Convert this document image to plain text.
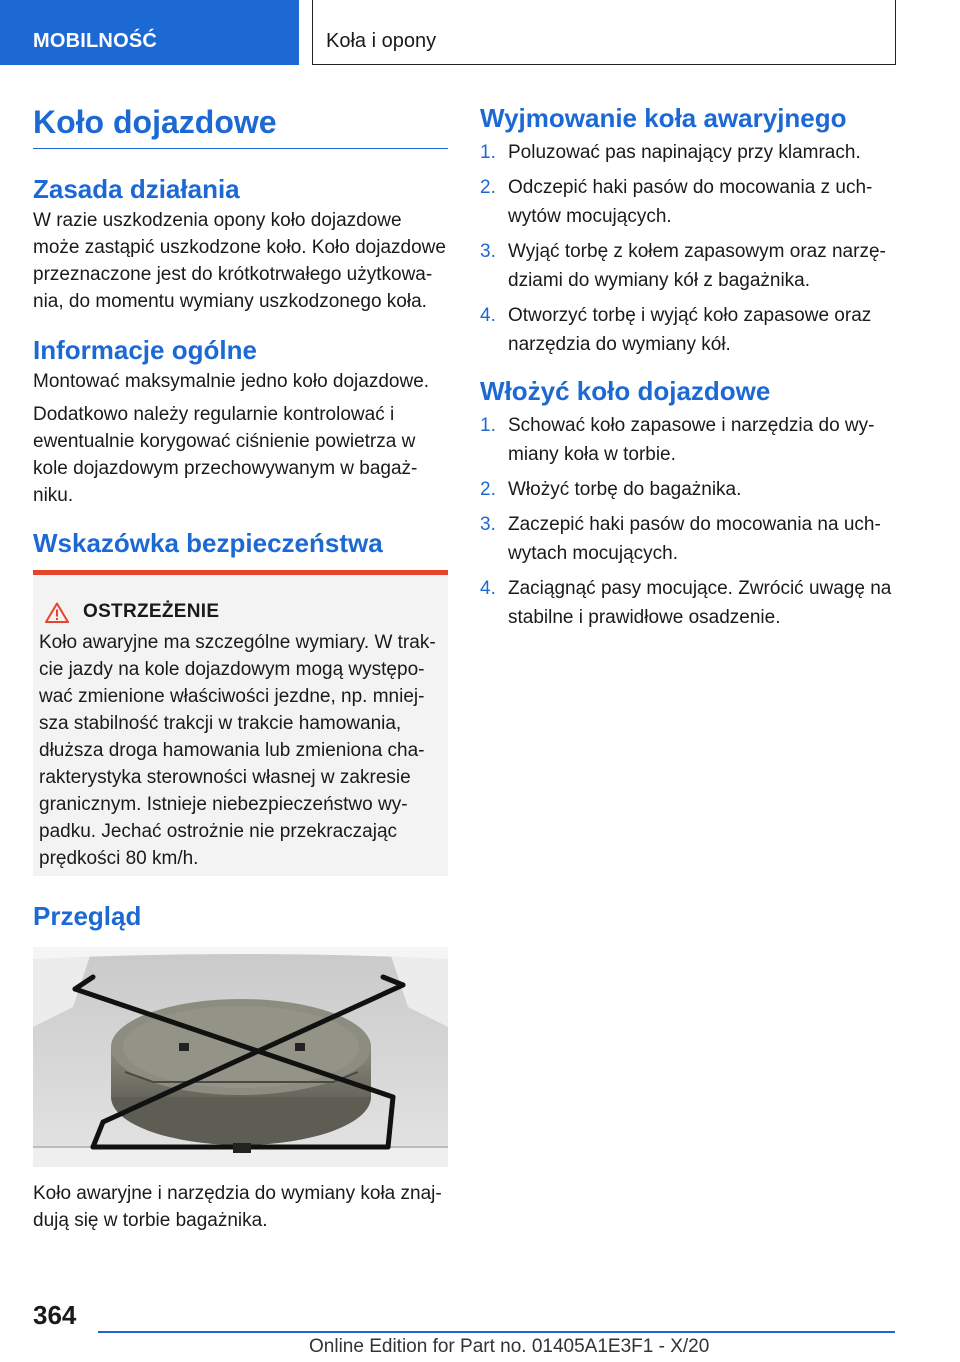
MOBILNOŚĆ	Koła i opony
Koło dojazdowe
Zasada działania

W razie uszkodzenia opony koło dojazdowe
może zastąpić uszkodzone koło. Koło dojazdowe
przeznaczone jest do krótkotrwałego użytkowa‐
nia, do momentu wymiany uszkodzonego koła.

Informacje ogólne

Montować maksymalnie jedno koło dojazdowe.

Dodatkowo należy regularnie kontrolować i
ewentualnie korygować ciśnienie powietrza w
kole dojazdowym przechowywanym w bagaż‐
niku.

Wskazówka bezpieczeństwa
OSTRZEŻENIE

Koło awaryjne ma szczególne wymiary. W trak‐
cie jazdy na kole dojazdowym mogą występo‐
wać zmienione właściwości jezdne, np. mniej‐
sza stabilność trakcji w trakcie hamowania,
dłuższa droga hamowania lub zmieniona cha‐
rakterystyka sterowności własnej w zakresie
granicznym. Istnieje niebezpieczeństwo wy‐
padku. Jechać ostrożnie nie przekraczając
prędkości 80 km/h.

Przegląd

Koło awaryjne i narzędzia do wymiany koła znaj‐
dują się w torbie bagażnika.

Wyjmowanie koła awaryjnego
1. Poluzować pas napinający przy klamrach.
2. Odczepić haki pasów do mocowania z uch‐
wytów mocujących.
3. Wyjąć torbę z kołem zapasowym oraz narzę‐
dziami do wymiany kół z bagażnika.
4. Otworzyć torbę i wyjąć koło zapasowe oraz
narzędzia do wymiany kół.
Włożyć koło dojazdowe
1. Schować koło zapasowe i narzędzia do wy‐
miany koła w torbie.
2. Włożyć torbę do bagażnika.
3. Zaczepić haki pasów do mocowania na uch‐
wytach mocujących.
4. Zaciągnąć pasy mocujące. Zwrócić uwagę na
stabilne i prawidłowe osadzenie.
364
Online Edition for Part no. 01405A1E3F1 - X/20
